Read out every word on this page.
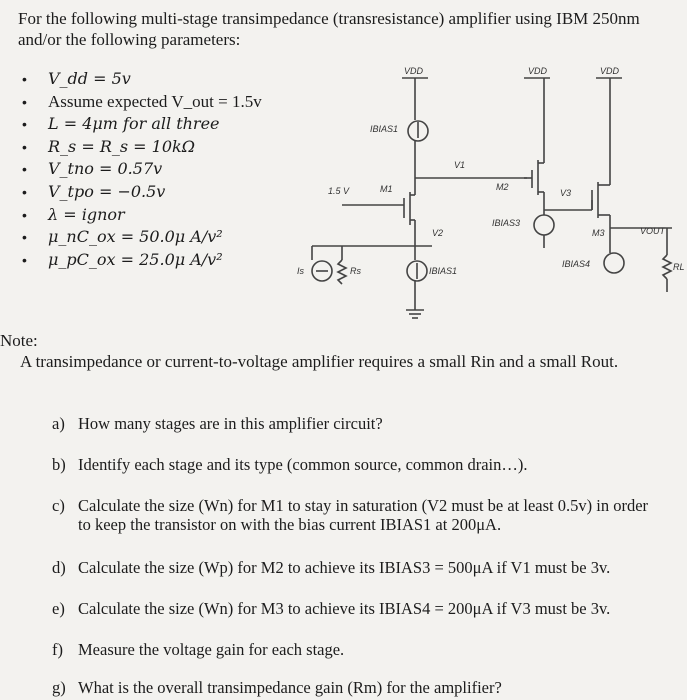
For the following multi-stage transimpedance (transresistance) amplifier using IBM 250nm and/or the following parameters:
• V_dd = 5v
• Assume expected V_out = 1.5v
• L = 4μm for all three
• R_s = R_s = 10kΩ
• V_tno = 0.57v
• V_tpo = −0.5v
• λ = ignor
• μ_nC_ox = 50.0μ A/v²
• μ_pC_ox = 25.0μ A/v²
VDD	VDD	VDD
IBIAS1
V1
1.5 V	M1	M2
V2
IBIAS3
V3
M3	VOUT
IBIAS4
Is	Rs	IBIAS1	RL
Note:
A transimpedance or current-to-voltage amplifier requires a small Rin and a small Rout.
a) How many stages are in this amplifier circuit?
b) Identify each stage and its type (common source, common drain…).
c) Calculate the size (Wn) for M1 to stay in saturation (V2 must be at least 0.5v) in order to keep the transistor on with the bias current IBIAS1 at 200μA.
d) Calculate the size (Wp) for M2 to achieve its IBIAS3 = 500μA if V1 must be 3v.
e) Calculate the size (Wn) for M3 to achieve its IBIAS4 = 200μA if V3 must be 3v.
f) Measure the voltage gain for each stage.
g) What is the overall transimpedance gain (Rm) for the amplifier?
